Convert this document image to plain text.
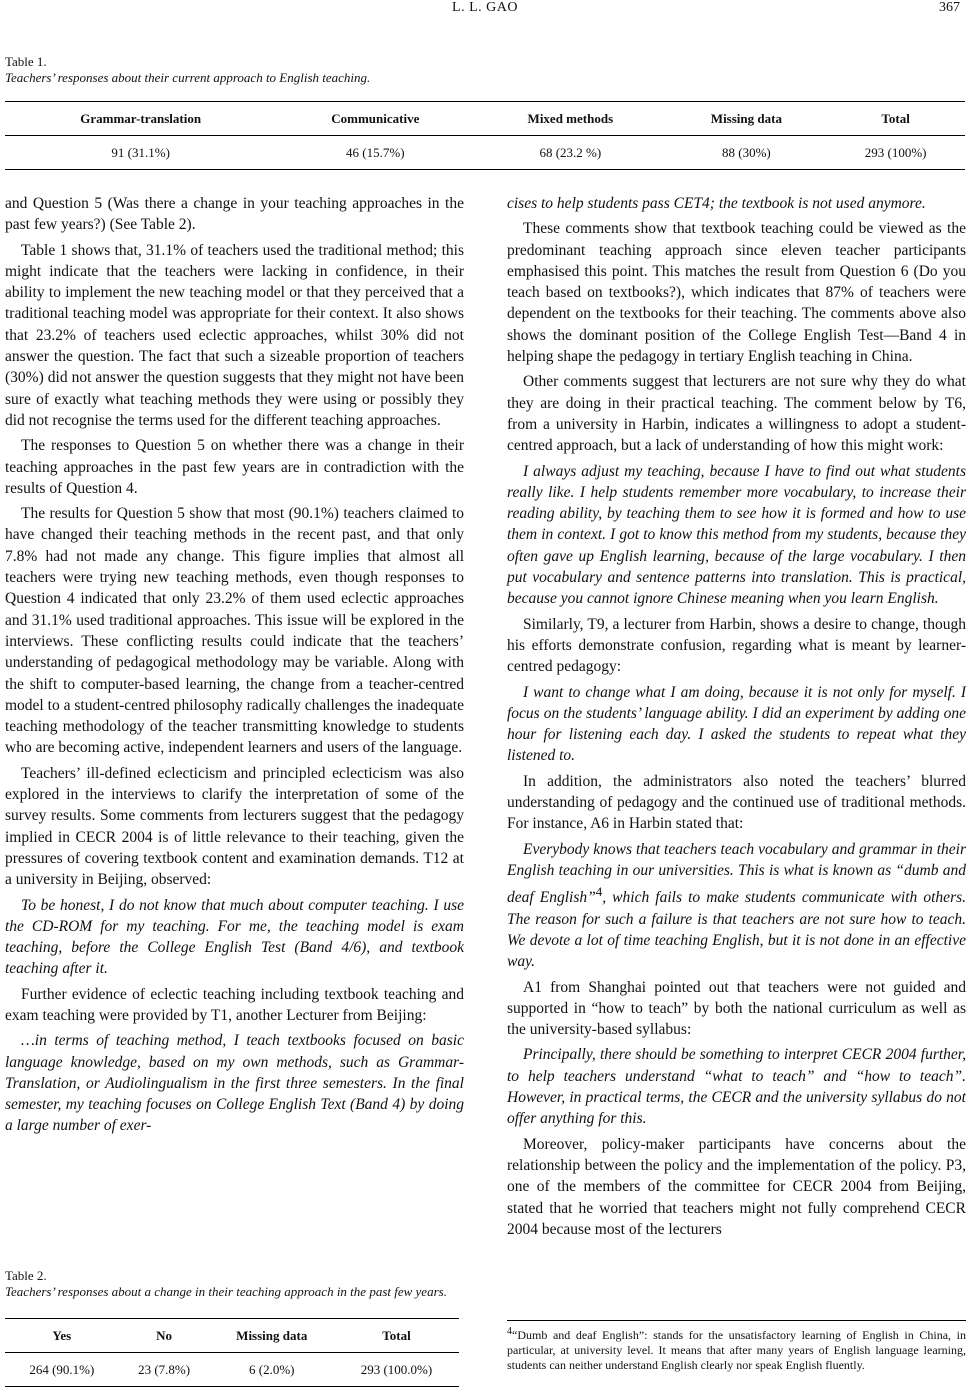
L. L. GAO	367
Table 1.
Teachers’ responses about their current approach to English teaching.
Grammar-translation	Communicative	Mixed methods	Missing data	Total
91 (31.1%)	46 (15.7%)	68 (23.2 %)	88 (30%)	293 (100%)

and Question 5 (Was there a change in your teaching approaches in the past few years?) (See Table 2).

Table 1 shows that, 31.1% of teachers used the traditional method; this might indicate that the teachers were lacking in confidence, in their ability to implement the new teaching model or that they perceived that a traditional teaching model was appropriate for their context. It also shows that 23.2% of teachers used eclectic approaches, whilst 30% did not answer the question. The fact that such a sizeable proportion of teachers (30%) did not answer the question suggests that they might not have been sure of exactly what teaching methods they were using or possibly they did not recognise the terms used for the different teaching approaches.

The responses to Question 5 on whether there was a change in their teaching approaches in the past few years are in contradiction with the results of Question 4.

The results for Question 5 show that most (90.1%) teachers claimed to have changed their teaching methods in the recent past, and that only 7.8% had not made any change. This figure implies that almost all teachers were trying new teaching methods, even though responses to Question 4 indicated that only 23.2% of them used eclectic approaches and 31.1% used traditional approaches. This issue will be explored in the interviews. These conflicting results could indicate that the teachers’ understanding of pedagogical methodology may be variable. Along with the shift to computer-based learning, the change from a teacher-centred model to a student-centred philosophy radically challenges the inadequate teaching methodology of the teacher transmitting knowledge to students who are becoming active, independent learners and users of the language.

Teachers’ ill-defined eclecticism and principled eclecticism was also explored in the interviews to clarify the interpretation of some of the survey results. Some comments from lecturers suggest that the pedagogy implied in CECR 2004 is of little relevance to their teaching, given the pressures of covering textbook content and examination demands. T12 at a university in Beijing, observed:

To be honest, I do not know that much about computer teaching. I use the CD-ROM for my teaching. For me, the teaching model is exam teaching, before the College English Test (Band 4/6), and textbook teaching after it.

Further evidence of eclectic teaching including textbook teaching and exam teaching were provided by T1, another Lecturer from Beijing:

…in terms of teaching method, I teach textbooks focused on basic language knowledge, based on my own methods, such as Grammar-Translation, or Audiolingualism in the first three semesters. In the final semester, my teaching focuses on College English Text (Band 4) by doing a large number of exer-

cises to help students pass CET4; the textbook is not used anymore.

These comments show that textbook teaching could be viewed as the predominant teaching approach since eleven teacher participants emphasised this point. This matches the result from Question 6 (Do you teach based on textbooks?), which indicates that 87% of teachers were dependent on the textbooks for their teaching. The comments above also shows the dominant position of the College English Test—Band 4 in helping shape the pedagogy in tertiary English teaching in China.

Other comments suggest that lecturers are not sure why they do what they are doing in their practical teaching. The comment below by T6, from a university in Harbin, indicates a willingness to adopt a student-centred approach, but a lack of understanding of how this might work:

I always adjust my teaching, because I have to find out what students really like. I help students remember more vocabulary, to increase their reading ability, by teaching them to see how it is formed and how to use them in context. I got to know this method from my students, because they often gave up English learning, because of the large vocabulary. I then put vocabulary and sentence patterns into translation. This is practical, because you cannot ignore Chinese meaning when you learn English.

Similarly, T9, a lecturer from Harbin, shows a desire to change, though his efforts demonstrate confusion, regarding what is meant by learner-centred pedagogy:

I want to change what I am doing, because it is not only for myself. I focus on the students’ language ability. I did an experiment by adding one hour for listening each day. I asked the students to repeat what they listened to.

In addition, the administrators also noted the teachers’ blurred understanding of pedagogy and the continued use of traditional methods. For instance, A6 in Harbin stated that:

Everybody knows that teachers teach vocabulary and grammar in their English teaching in our universities. This is what is known as “dumb and deaf English”$^4$, which fails to make students communicate with others. The reason for such a failure is that teachers are not sure how to teach. We devote a lot of time teaching English, but it is not done in an effective way.

A1 from Shanghai pointed out that teachers were not guided and supported in “how to teach” by both the national curriculum as well as the university-based syllabus:

Principally, there should be something to interpret CECR 2004 further, to help teachers understand “what to teach” and “how to teach”. However, in practical terms, the CECR and the university syllabus do not offer anything for this.

Moreover, policy-maker participants have concerns about the relationship between the policy and the implementation of the policy. P3, one of the members of the committee for CECR 2004 from Beijing, stated that he worried that teachers might not fully comprehend CECR 2004 because most of the lecturers

Table 2.
Teachers’ responses about a change in their teaching approach in the past few years.
Yes	No	Missing data	Total
264 (90.1%)	23 (7.8%)	6 (2.0%)	293 (100.0%)
$^4$“Dumb and deaf English”: stands for the unsatisfactory learning of English in China, in particular, at university level. It means that after many years of English language learning, students can neither understand English clearly nor speak English fluently.
